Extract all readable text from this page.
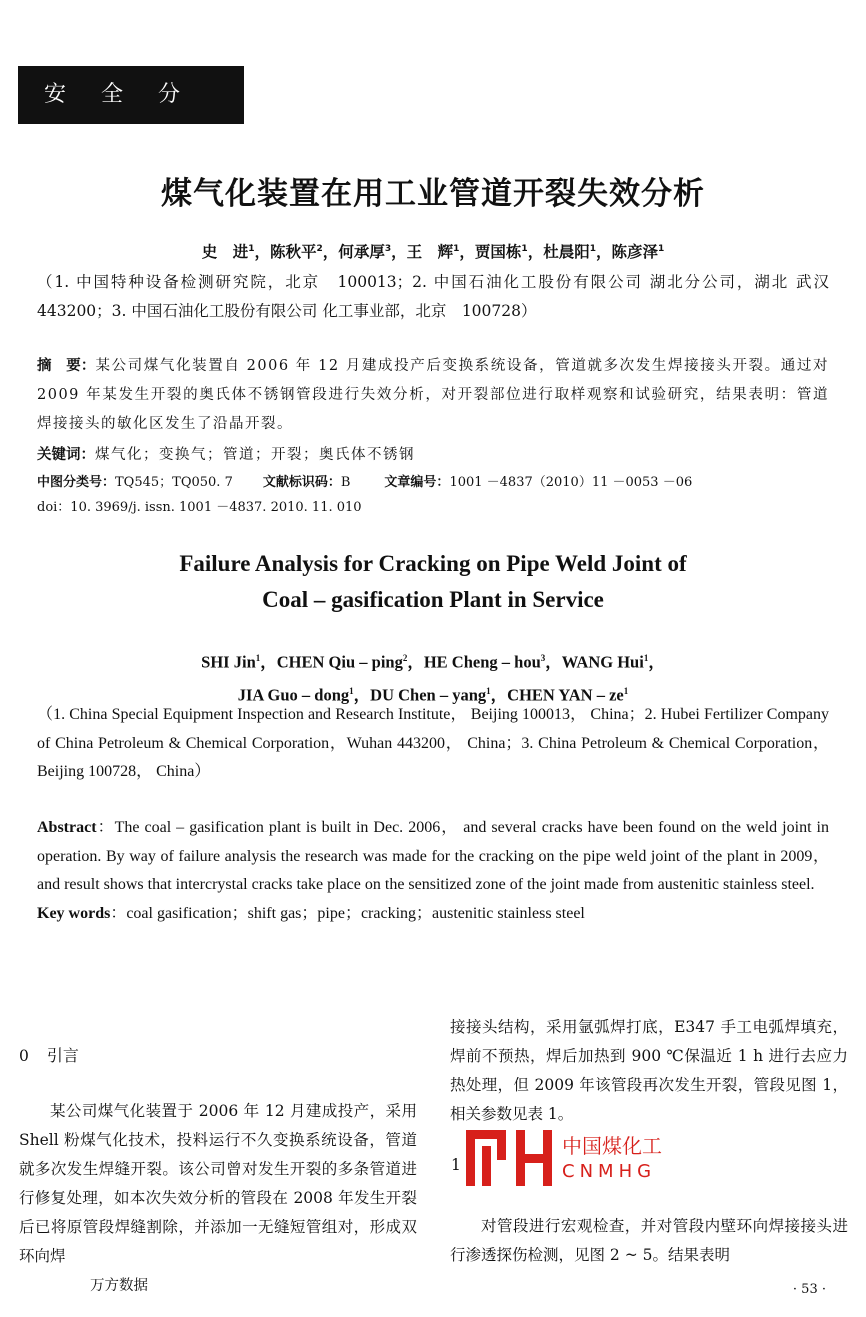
安 全 分 析
煤气化装置在用工业管道开裂失效分析
史　进$^1$，陈秋平$^2$，何承厚$^3$，王　辉$^1$，贾国栋$^1$，杜晨阳$^1$，陈彦泽$^1$
（1. 中国特种设备检测研究院，北京　100013；2. 中国石油化工股份有限公司 湖北分公司，湖北 武汉　443200；3. 中国石油化工股份有限公司 化工事业部，北京　100728）
摘　要：某公司煤气化装置自 2006 年 12 月建成投产后变换系统设备，管道就多次发生焊接接头开裂。通过对 2009 年某发生开裂的奥氏体不锈钢管段进行失效分析，对开裂部位进行取样观察和试验研究，结果表明：管道焊接接头的敏化区发生了沿晶开裂。
关键词：煤气化；变换气；管道；开裂；奥氏体不锈钢
中图分类号：TQ545；TQ050. 7 文献标识码：B	文章编号：1001 －4837（2010）11 －0053 －06
doi：10. 3969/j. issn. 1001 －4837. 2010. 11. 010
Failure Analysis for Cracking on Pipe Weld Joint of
Coal – gasification Plant in Service
SHI Jin$^1$，CHEN Qiu – ping$^2$，HE Cheng – hou$^3$，WANG Hui$^1$，
JIA Guo – dong$^1$，DU Chen – yang$^1$，CHEN YAN – $ze^1$
（1. China Special Equipment Inspection and Research Institute， Beijing 100013， China；2. Hubei Fertilizer Company of China Petroleum & Chemical Corporation，Wuhan 443200， China；3. China Petroleum & Chemical Corporation， Beijing 100728， China）
Abstract：The coal – gasification plant is built in Dec. 2006， and several cracks have been found on the weld joint in operation. By way of failure analysis the research was made for the cracking on the pipe weld joint of the plant in 2009， and result shows that intercrystal cracks take place on the sensitized zone of the joint made from austenitic stainless steel.
Key words：coal gasification；shift gas；pipe；cracking；austenitic stainless steel
0 引言
某公司煤气化装置于 2006 年 12 月建成投产，采用 Shell 粉煤气化技术，投料运行不久变换系统设备，管道就多次发生焊缝开裂。该公司曾对发生开裂的多条管道进行修复处理，如本次失效分析的管段在 2008 年发生开裂后已将原管段焊缝割除，并添加一无缝短管组对，形成双环向焊
接接头结构，采用氩弧焊打底，E347 手工电弧焊填充，焊前不预热，焊后加热到 900 ℃保温近 1 h 进行去应力热处理，但 2009 年该管段再次发生开裂，管段见图 1，相关参数见表 1。
1
中国煤化工
CNMHG
对管段进行宏观检查，并对管段内壁环向焊接接头进行渗透探伤检测，见图 2 ~ 5。结果表明
万方数据	· 53 ·
